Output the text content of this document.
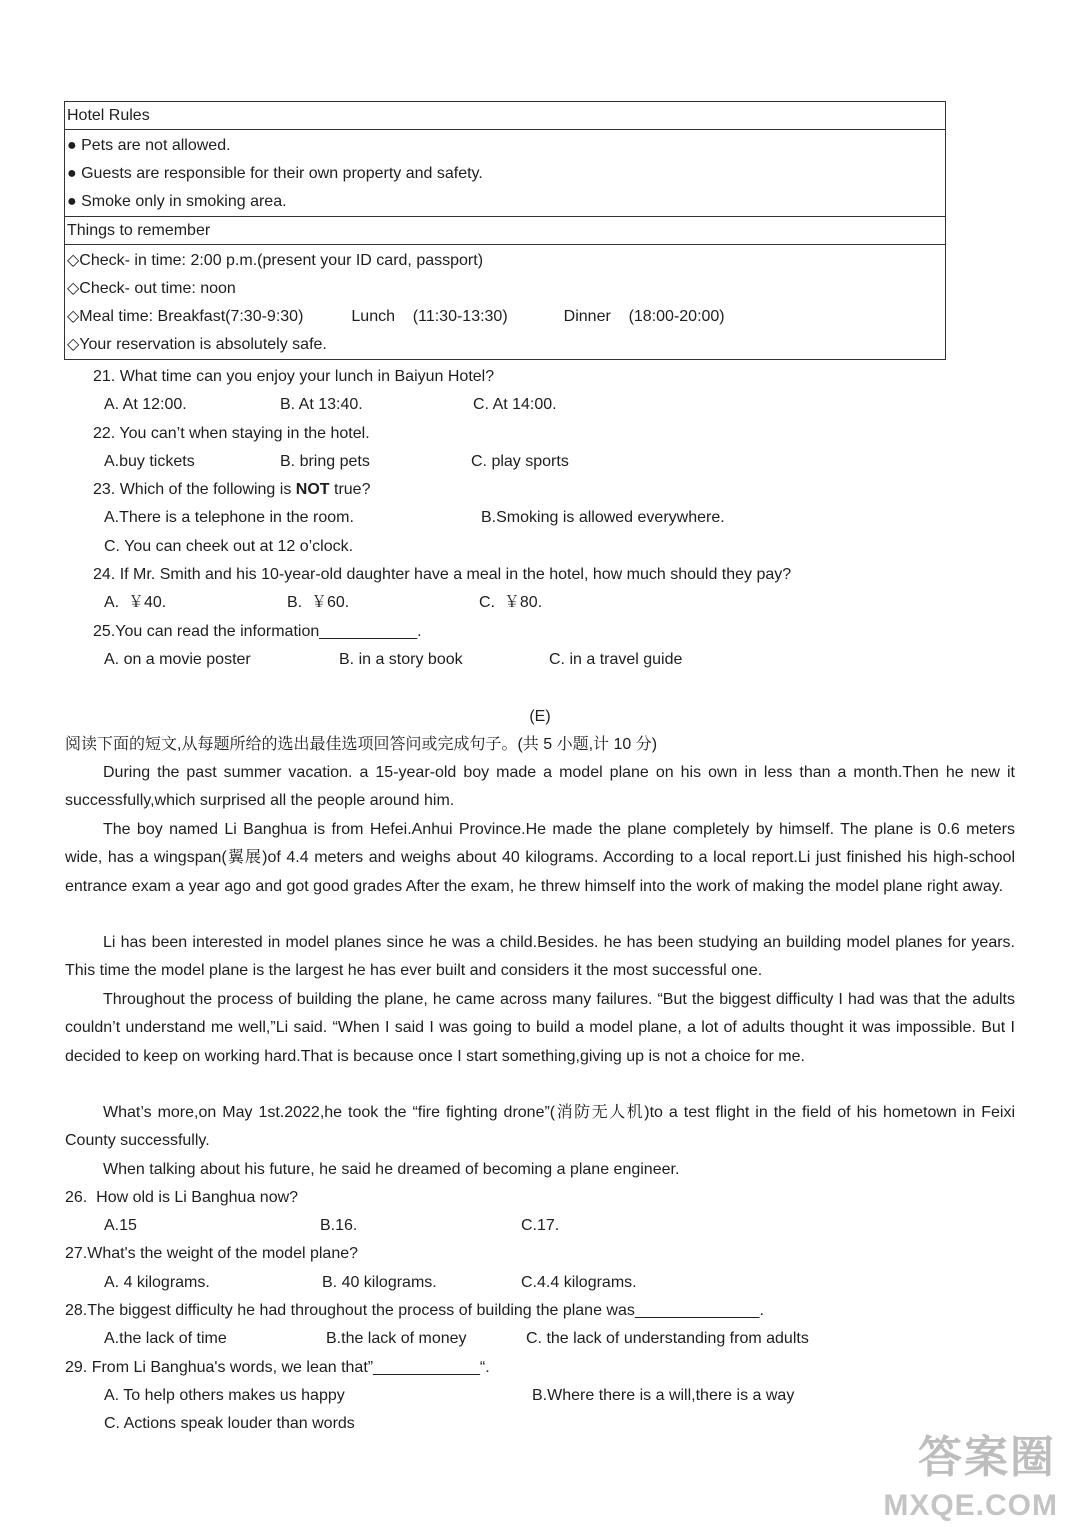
Hotel Rules
● Pets are not allowed.
● Guests are responsible for their own property and safety.
● Smoke only in smoking area.
Things to remember
◇Check- in time: 2:00 p.m.(present your ID card, passport)
◇Check- out time: noon
◇Meal time: Breakfast(7:30-9:30)	Lunch    (11:30-13:30)	Dinner    (18:00-20:00)
◇Your reservation is absolutely safe.
21. What time can you enjoy your lunch in Baiyun Hotel?
A. At 12:00.	B. At 13:40.	C. At 14:00.
22. You can’t when staying in the hotel.
A.buy tickets	B. bring pets	C. play sports
23. Which of the following is NOT true?
A.There is a telephone in the room.	B.Smoking is allowed everywhere.
C. You can cheek out at 12 o’clock.
24. If Mr. Smith and his 10-year-old daughter have a meal in the hotel, how much should they pay?
A.  ￥40.	B.  ￥60.	C.  ￥80.
25.You can read the information___________.
A. on a movie poster	B. in a story book	C. in a travel guide
(E)
阅读下面的短文,从每题所给的选出最佳选项回答问或完成句子。(共 5 小题,计 10 分)
During the past summer vacation. a 15-year-old boy made a model plane on his own in less than a month.Then he new it successfully,which surprised all the people around him.
The boy named Li Banghua is from Hefei.Anhui Province.He made the plane completely by himself. The plane is 0.6 meters wide, has a wingspan(翼展)of 4.4 meters and weighs about 40 kilograms. According to a local report.Li just finished his high-school entrance exam a year ago and got good grades After the exam, he threw himself into the work of making the model plane right away.
Li has been interested in model planes since he was a child.Besides. he has been studying an building model planes for years. This time the model plane is the largest he has ever built and considers it the most successful one.
Throughout the process of building the plane, he came across many failures. “But the biggest difficulty I had was that the adults couldn’t understand me well,”Li said. “When I said I was going to build a model plane, a lot of adults thought it was impossible. But I decided to keep on working hard.That is because once I start something,giving up is not a choice for me.
What’s more,on May 1st.2022,he took the “fire fighting drone”(消防无人机)to a test flight in the field of his hometown in Feixi County successfully.
When talking about his future, he said he dreamed of becoming a plane engineer.
26.  How old is Li Banghua now?
A.15	B.16.	C.17.
27.What's the weight of the model plane?
A. 4 kilograms.	B. 40 kilograms.	C.4.4 kilograms.
28.The biggest difficulty he had throughout the process of building the plane was______________.
A.the lack of time	B.the lack of money	C. the lack of understanding from adults
29. From Li Banghua's words, we lean that”____________“.
A. To help others makes us happy	B.Where there is a will,there is a way
C. Actions speak louder than words
答案圈
MXQE.COM
